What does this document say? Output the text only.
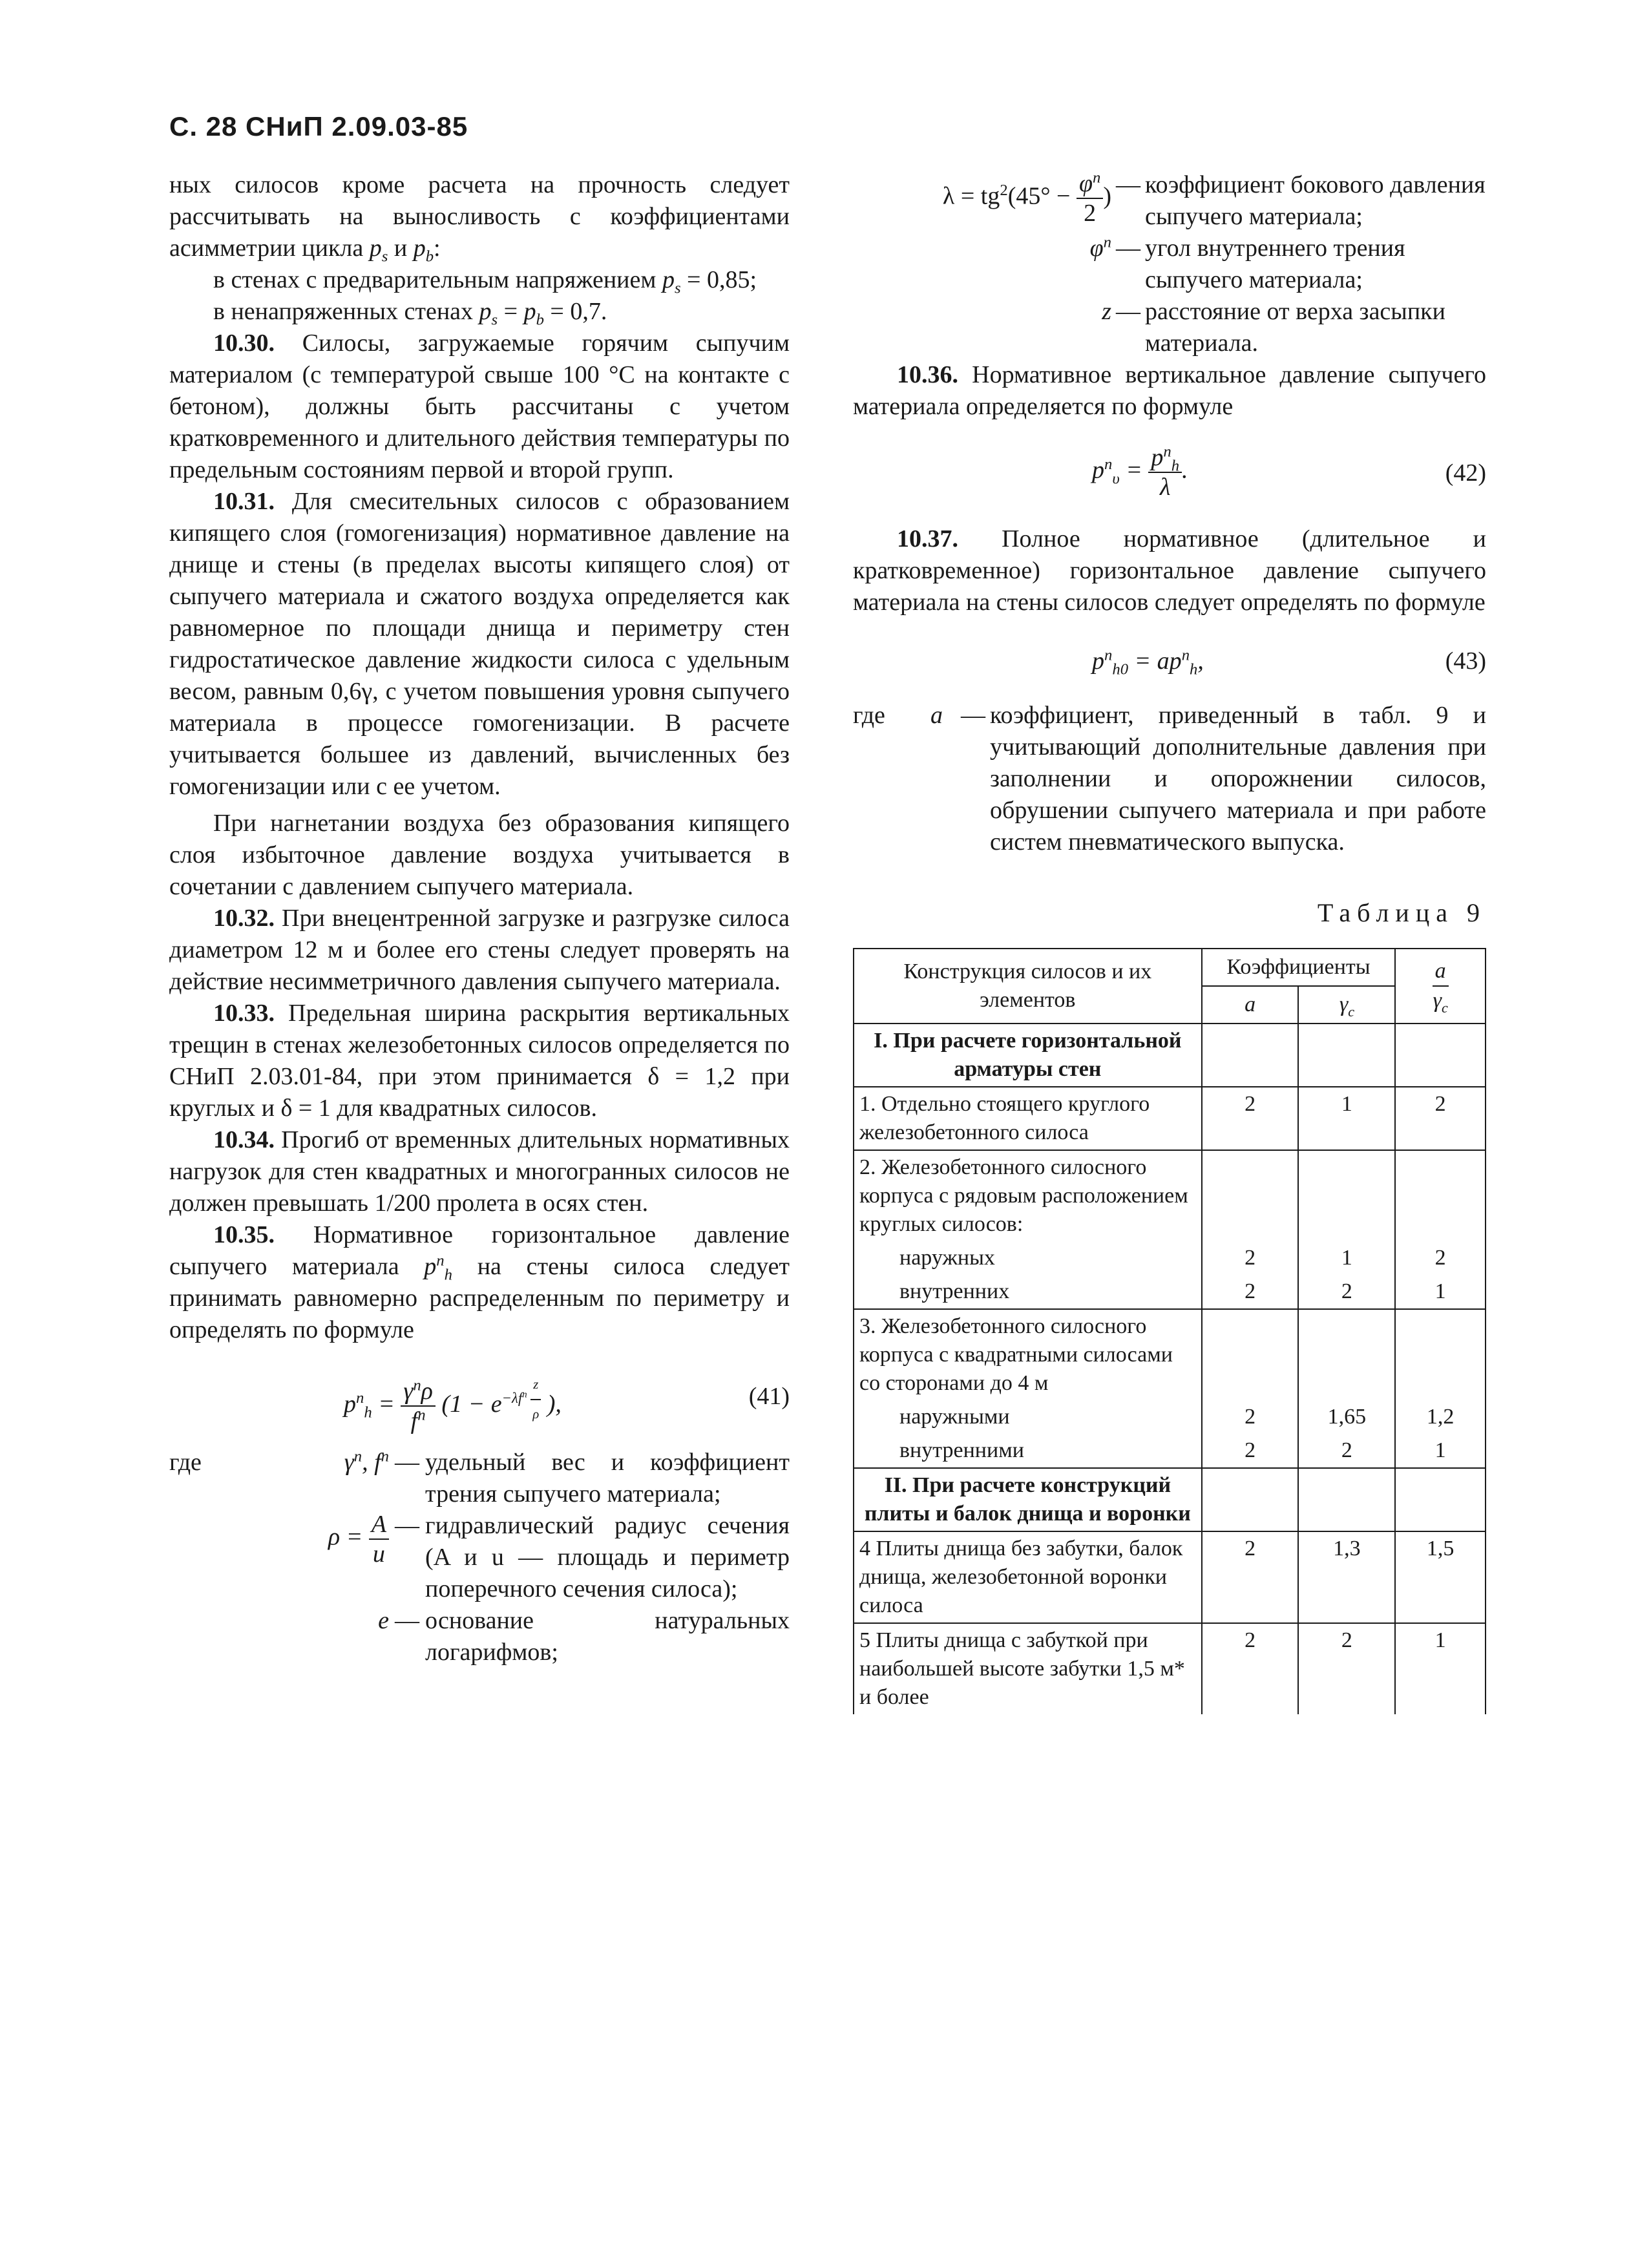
С. 28 СНиП 2.09.03-85

ных силосов кроме расчета на прочность следует рассчитывать на выносливость с коэффициентами асимметрии цикла $p_s$ и $p_b$:

в стенах с предварительным напряжением $p_s = 0,85$;

в ненапряженных стенах $p_s = p_b = 0,7$.

10.30. Силосы, загружаемые горячим сыпучим материалом (с температурой свыше 100 °С на контакте с бетоном), должны быть рассчитаны с учетом кратковременного и длительного действия температуры по предельным состояниям первой и второй групп.

10.31. Для смесительных силосов с образованием кипящего слоя (гомогенизация) нормативное давление на днище и стены (в пределах высоты кипящего слоя) от сыпучего материала и сжатого воздуха определяется как равномерное по площади днища и периметру стен гидростатическое давление жидкости силоса с удельным весом, равным 0,6γ, с учетом повышения уровня сыпучего материала в процессе гомогенизации. В расчете учитывается большее из давлений, вычисленных без гомогенизации или с ее учетом.

При нагнетании воздуха без образования кипящего слоя избыточное давление воздуха учитывается в сочетании с давлением сыпучего материала.

10.32. При внецентренной загрузке и разгрузке силоса диаметром 12 м и более его стены следует проверять на действие несимметричного давления сыпучего материала.

10.33. Предельная ширина раскрытия вертикальных трещин в стенах железобетонных силосов определяется по СНиП 2.03.01-84, при этом принимается δ = 1,2 при круглых и δ = 1 для квадратных силосов.

10.34. Прогиб от временных длительных нормативных нагрузок для стен квадратных и многогранных силосов не должен превышать 1/200 пролета в осях стен.

10.35. Нормативное горизонтальное давление сыпучего материала $p^n_h$ на стены силоса следует принимать равномерно распределенным по периметру и определять по формуле

$p^n_h = \frac{\gamma^n\rho}{f^n} (1 - e^{-\lambda f^n \frac{z}{\rho}}$ ),	(41)
где	$\gamma^n$, $f^n$ — удельный вес и коэффициент трения сыпучего материала;
$\rho = \frac{A}{u}$ — гидравлический радиус сечения (A и u — площадь и периметр поперечного сечения силоса);
e — основание натуральных логарифмов;
$\lambda = tg^2(45^\circ - \frac{\varphi^n}{2}$ ) — коэффициент бокового давления сыпучего материала;
$\varphi^n$ — угол внутреннего трения сыпучего материала;
z — расстояние от верха засыпки материала.

10.36. Нормативное вертикальное давление сыпучего материала определяется по формуле

$p^n_\upsilon = \frac{p^n_h}{\lambda}$ .	(42)

10.37. Полное нормативное (длительное и кратковременное) горизонтальное давление сыпучего материала на стены силосов следует определять по формуле

$p^n_{h0} = ap^n_h$,	(43)
где	a — коэффициент, приведенный в табл. 9 и учитывающий дополнительные давления при заполнении и опорожнении силосов, обрушении сыпучего материала и при работе систем пневматического выпуска.
Таблица 9
Конструкция силосов и их элементов	Коэффициенты		$\frac{a}{\gamma_c}$

	a	$\gamma_c$
I. При расчете горизонтальной арматуры стен			
1. Отдельно стоящего круглого железобетонного силоса	2	1	2
2. Железобетонного силосного корпуса с рядовым расположением круглых силосов:			
наружных	2	1	2
внутренних	2	2	1
3. Железобетонного силосного корпуса с квадратными силосами со сторонами до 4 м			
наружными	2	1,65	1,2
внутренними	2	2	1
II. При расчете конструкций плиты и балок днища и воронки			
4 Плиты днища без забутки, балок днища, железобетонной воронки силоса	2	1,3	1,5
5 Плиты днища с забуткой при наибольшей высоте забутки 1,5 м* и более	2	2	1
